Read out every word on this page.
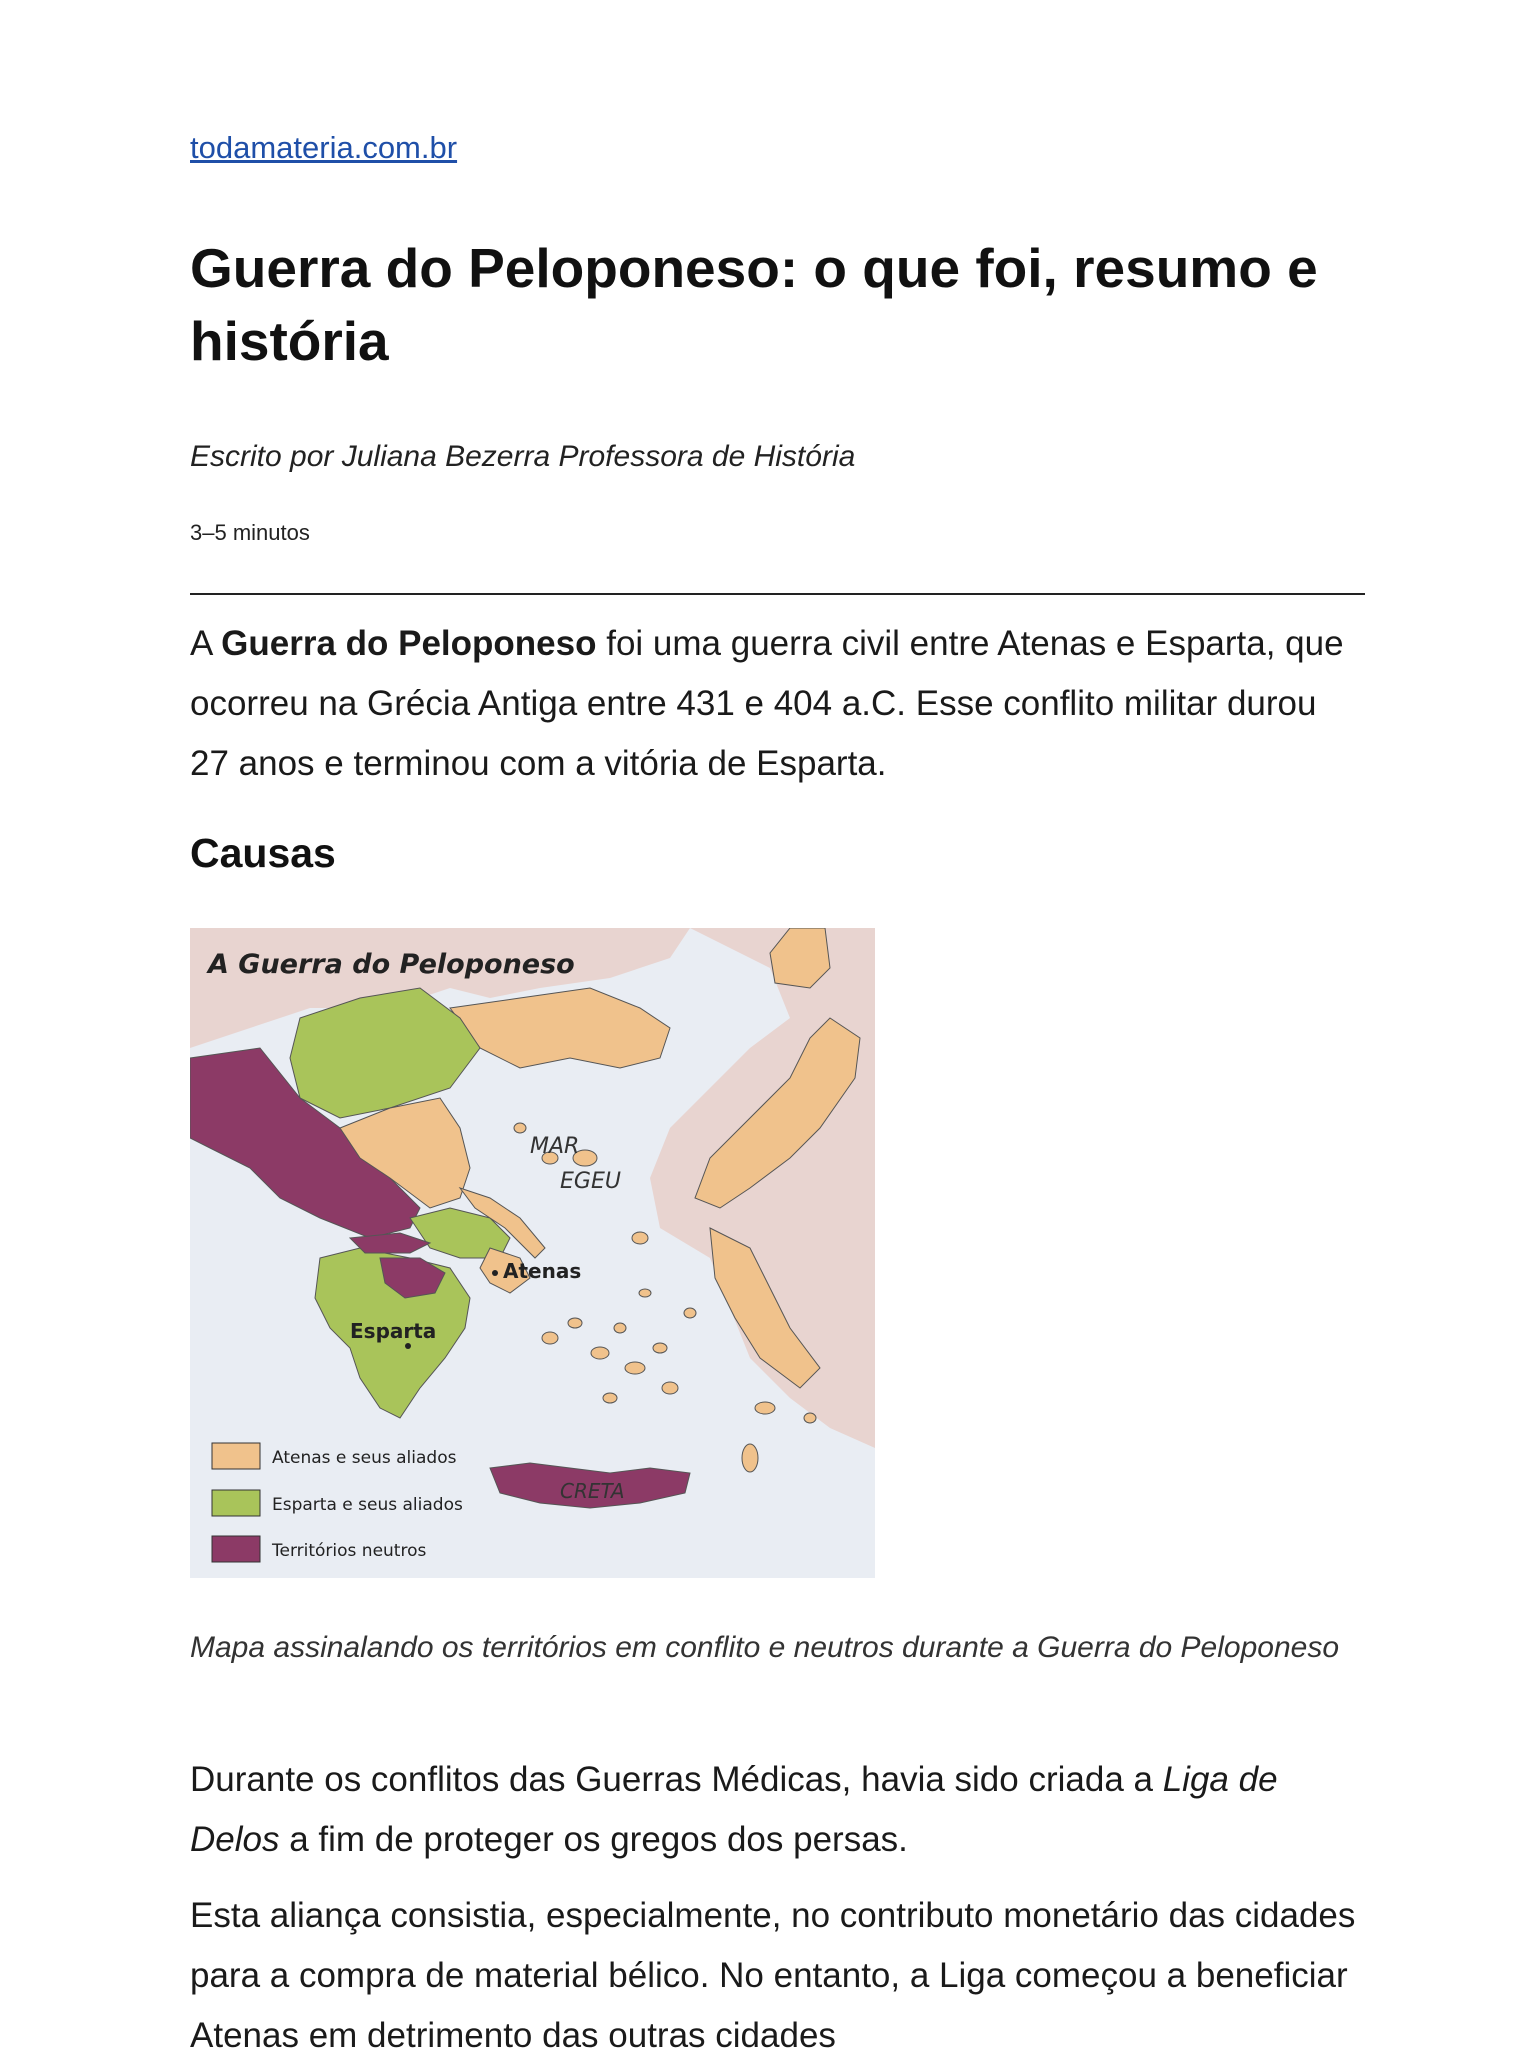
todamateria.com.br
Guerra do Peloponeso: o que foi, resumo e história
Escrito por Juliana Bezerra Professora de História
3–5 minutos

A Guerra do Peloponeso foi uma guerra civil entre Atenas e Esparta, que ocorreu na Grécia Antiga entre 431 e 404 a.C. Esse conflito militar durou 27 anos e terminou com a vitória de Esparta.

Causas
A Guerra do Peloponeso
MAR
EGEU
Atenas
Esparta
CRETA
Atenas e seus aliados
Esparta e seus aliados
Territórios neutros

Mapa assinalando os territórios em conflito e neutros durante a Guerra do Peloponeso

Durante os conflitos das Guerras Médicas, havia sido criada a Liga de Delos a fim de proteger os gregos dos persas.

Esta aliança consistia, especialmente, no contributo monetário das cidades para a compra de material bélico. No entanto, a Liga começou a beneficiar Atenas em detrimento das outras cidades
